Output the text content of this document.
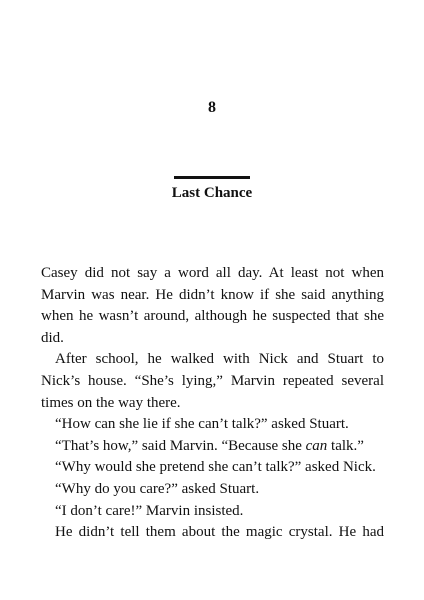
8
Last Chance

Casey did not say a word all day. At least not when Marvin was near. He didn’t know if she said anything when he wasn’t around, although he suspected that she did.

After school, he walked with Nick and Stuart to Nick’s house. “She’s lying,” Marvin repeated several times on the way there.

“How can she lie if she can’t talk?” asked Stuart.

“That’s how,” said Marvin. “Because she can talk.”

“Why would she pretend she can’t talk?” asked Nick.

“Why do you care?” asked Stuart.

“I don’t care!” Marvin insisted.

He didn’t tell them about the magic crystal. He had
